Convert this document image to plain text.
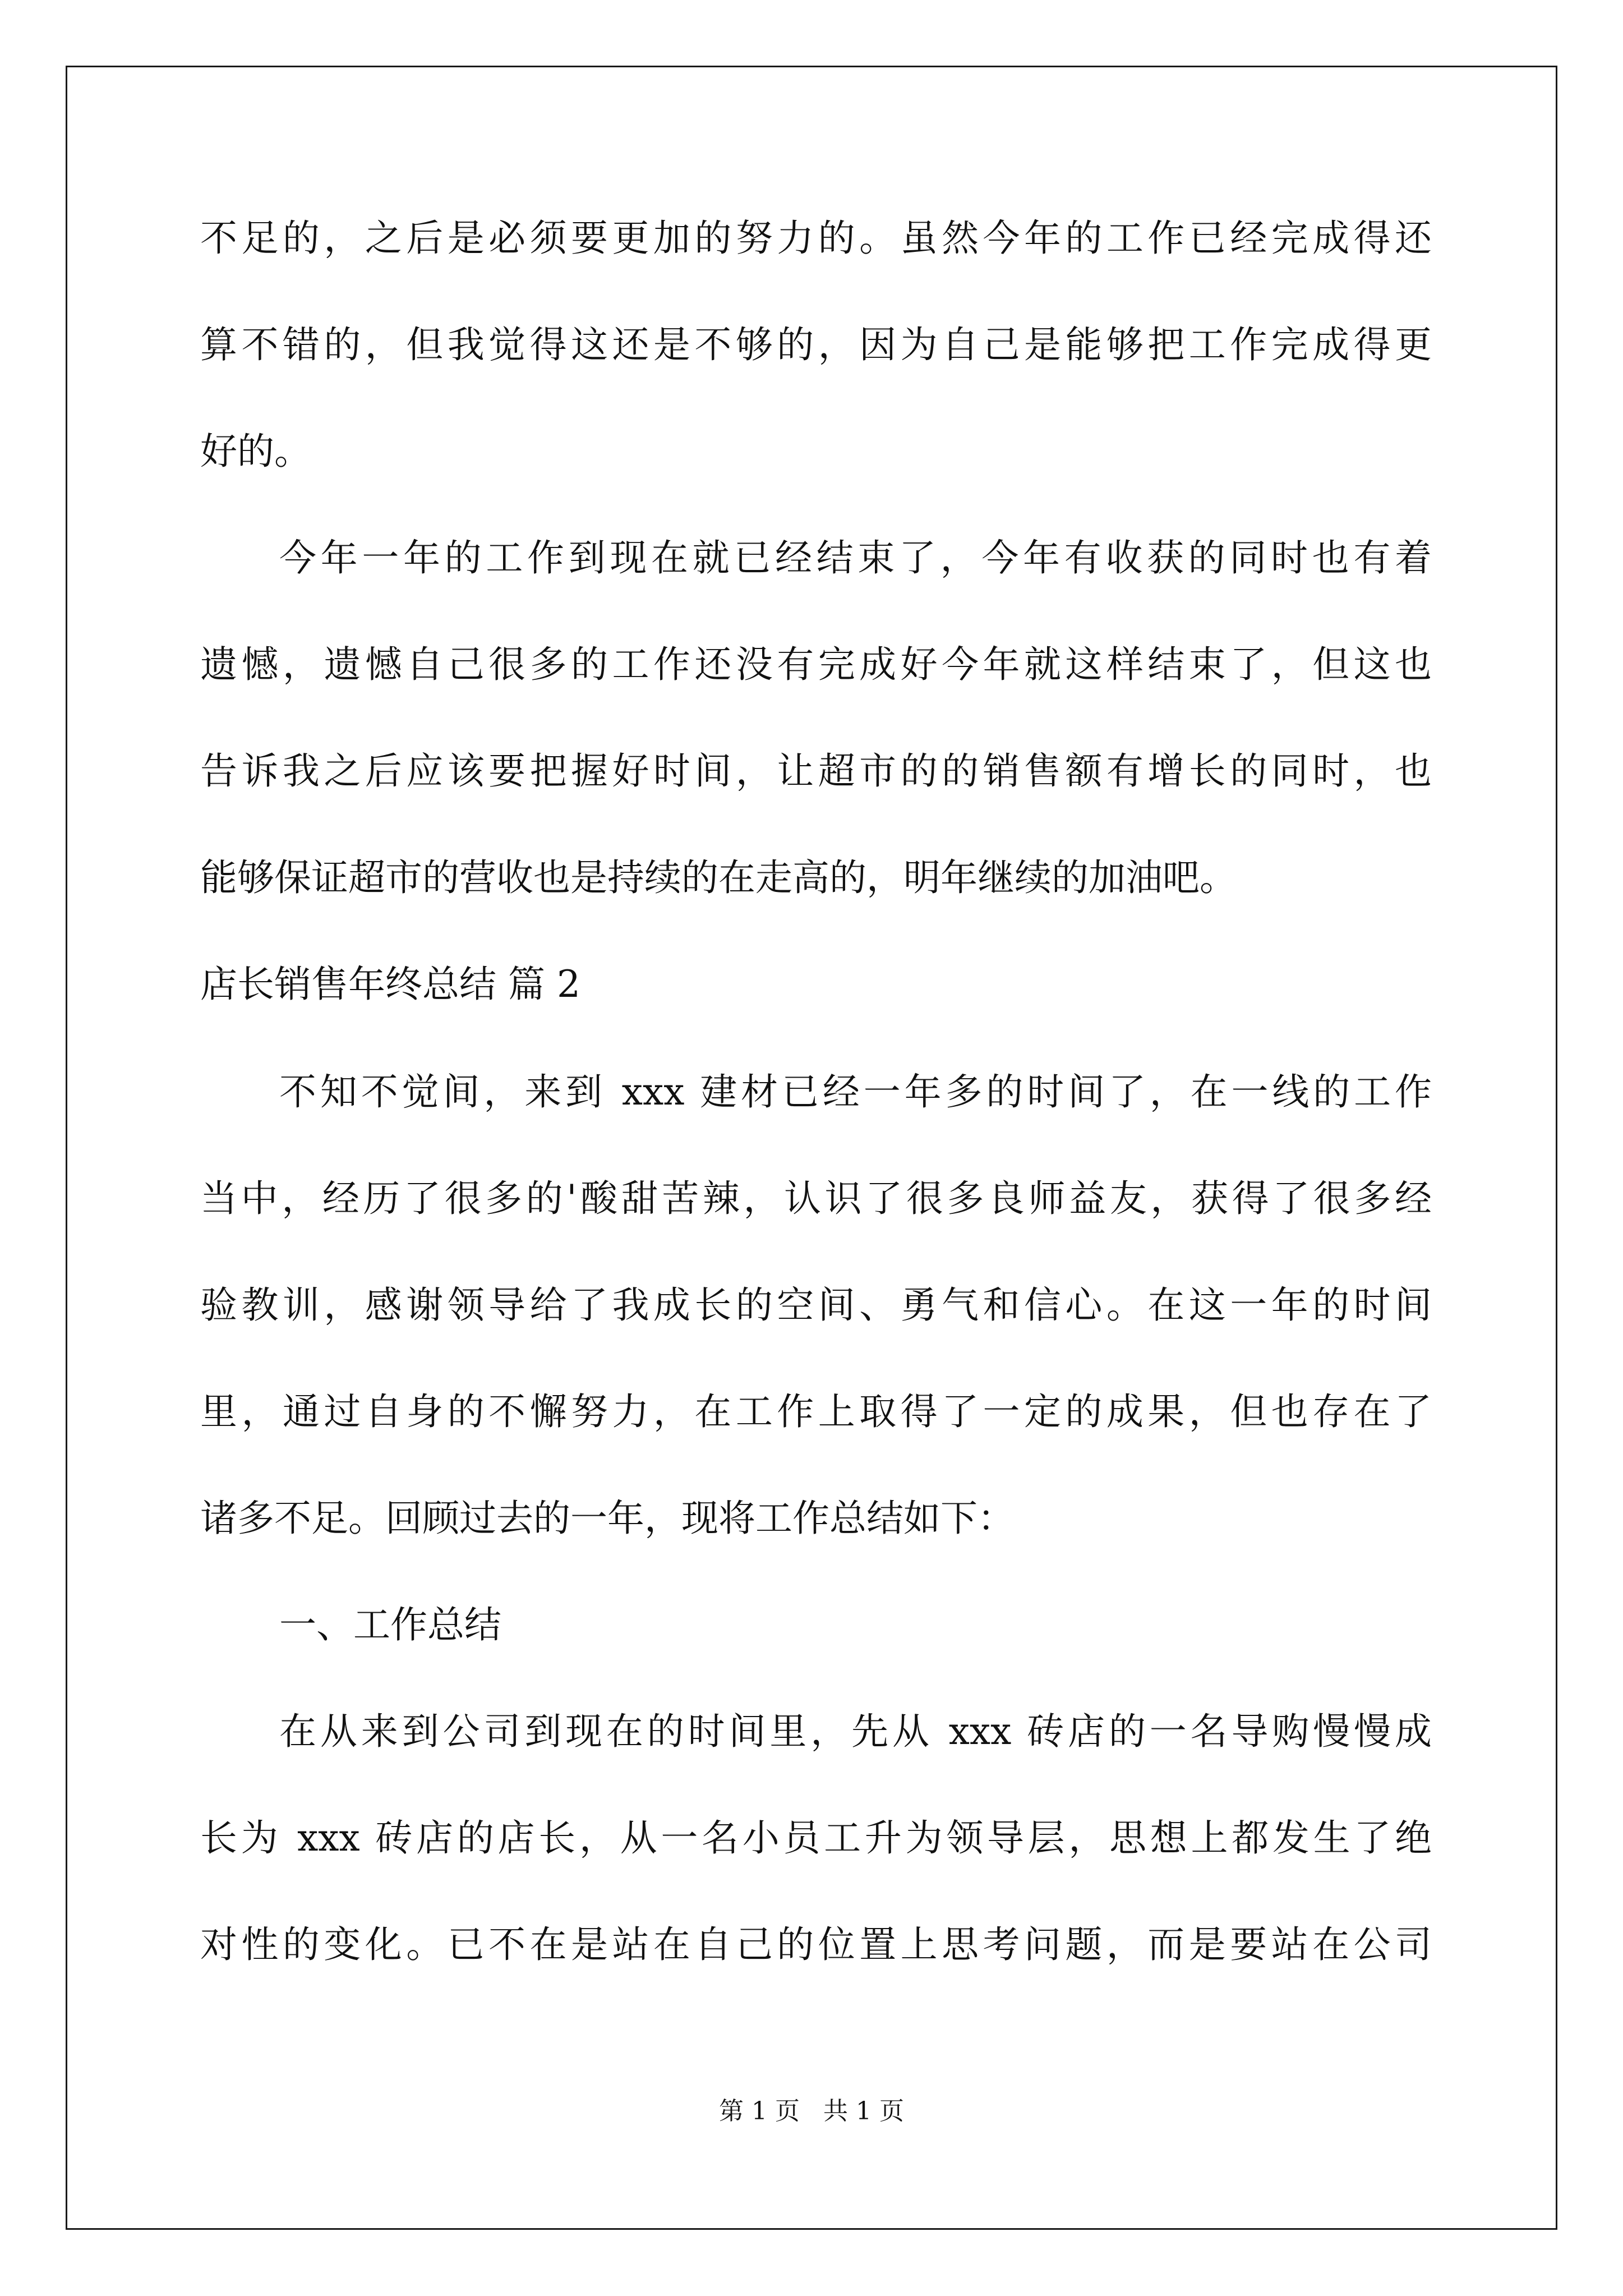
不足的，之后是必须要更加的努力的。虽然今年的工作已经完成得还
算不错的，但我觉得这还是不够的，因为自己是能够把工作完成得更
好的。
今年一年的工作到现在就已经结束了，今年有收获的同时也有着
遗憾，遗憾自己很多的工作还没有完成好今年就这样结束了，但这也
告诉我之后应该要把握好时间，让超市的的销售额有增长的同时，也
能够保证超市的营收也是持续的在走高的，明年继续的加油吧。
店长销售年终总结 篇 2
不知不觉间，来到 xxx 建材已经一年多的时间了，在一线的工作
当中，经历了很多的'酸甜苦辣，认识了很多良师益友，获得了很多经
验教训，感谢领导给了我成长的空间、勇气和信心。在这一年的时间
里，通过自身的不懈努力，在工作上取得了一定的成果，但也存在了
诸多不足。回顾过去的一年，现将工作总结如下：
一、工作总结
在从来到公司到现在的时间里，先从 xxx 砖店的一名导购慢慢成
长为 xxx 砖店的店长，从一名小员工升为领导层，思想上都发生了绝
对性的变化。已不在是站在自己的位置上思考问题，而是要站在公司
第 1 页   共 1 页
